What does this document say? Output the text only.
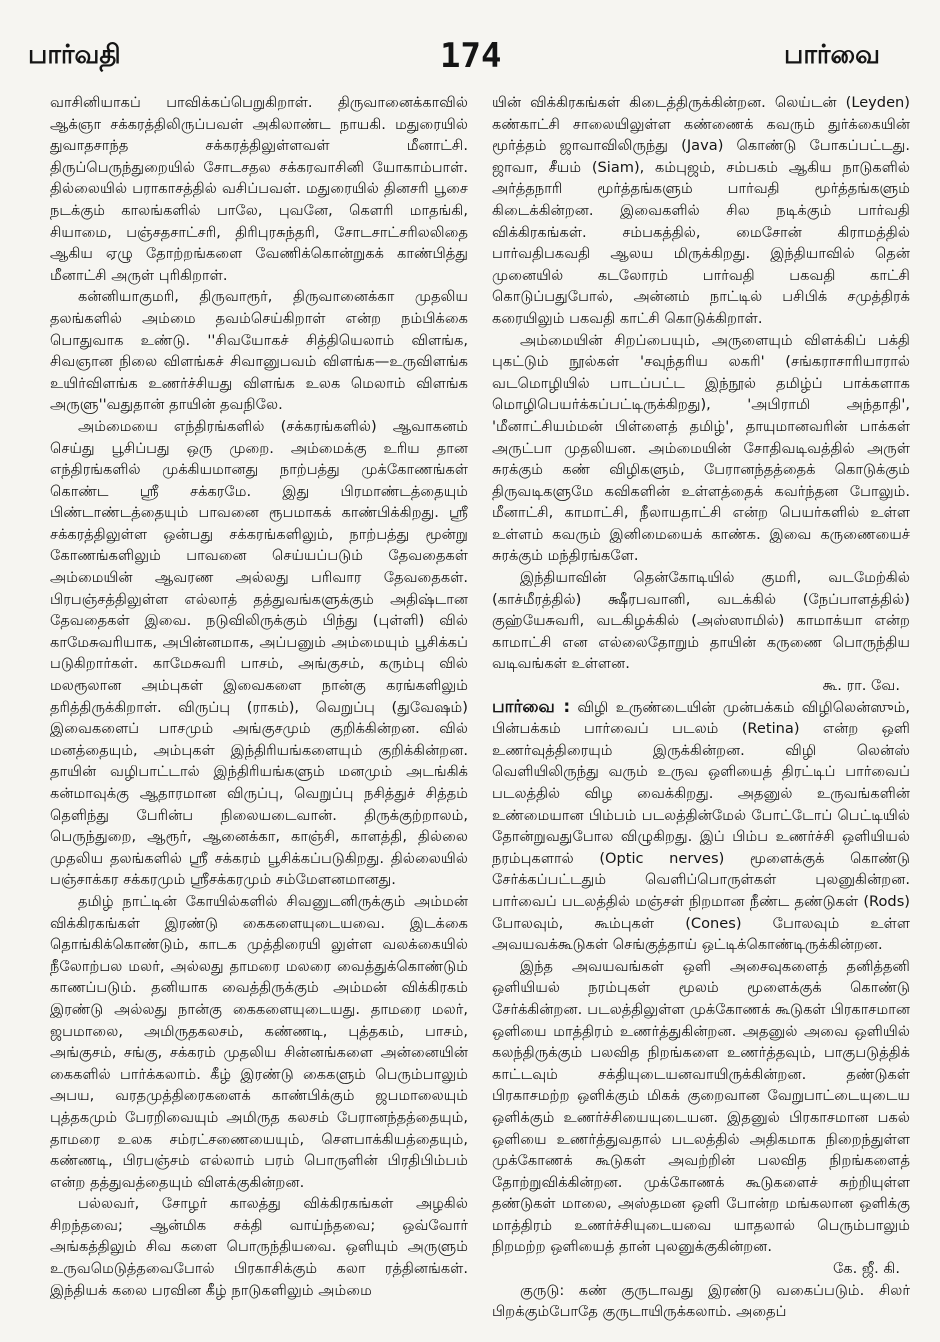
பார்வதி	174	பார்வை

வாசினியாகப் பாவிக்கப்பெறுகிறாள். திருவானைக்காவில் ஆக்ஞா சக்கரத்திலிருப்பவள் அகிலாண்ட நாயகி. மதுரையில் துவாதசாந்த சக்கரத்திலுள்ளவள் மீனாட்சி. திருப்பெருந்துறையில் சோடசதல சக்கரவாசினி யோகாம்பாள். தில்லையில் பராகாசத்தில் வசிப்பவள். மதுரையில் தினசரி பூசை நடக்கும் காலங்களில் பாலே, புவனே, கௌரி மாதங்கி, சியாமை, பஞ்சதசாட்சரி, திரிபுரசுந்தரி, சோடசாட்சரிலலிதை ஆகிய ஏழு தோற்றங்களை வேணிக்கொன்றுகக் காண்பித்து மீனாட்சி அருள் புரிகிறாள்.

கன்னியாகுமரி, திருவாரூர், திருவானைக்கா முதலிய தலங்களில் அம்மை தவம்செய்கிறாள் என்ற நம்பிக்கை பொதுவாக உண்டு. ''சிவயோகச் சித்தியெலாம் விளங்க, சிவஞான நிலை விளங்கச் சிவானுபவம் விளங்க—உருவிளங்க உயிர்விளங்க உணர்ச்சியது விளங்க உலக மெலாம் விளங்க அருளு''வதுதான் தாயின் தவநிலே.

அம்மையை எந்திரங்களில் (சக்கரங்களில்) ஆவாகனம் செய்து பூசிப்பது ஒரு முறை. அம்மைக்கு உரிய தான எந்திரங்களில் முக்கியமானது நாற்பத்து முக்கோணங்கள் கொண்ட ஸ்ரீ சக்கரமே. இது பிரமாண்டத்தையும் பிண்டாண்டத்தையும் பாவனை ரூபமாகக் காண்பிக்கிறது. ஸ்ரீ சக்கரத்திலுள்ள ஒன்பது சக்கரங்களிலும், நாற்பத்து மூன்று கோணங்களிலும் பாவனை செய்யப்படும் தேவதைகள் அம்மையின் ஆவரண அல்லது பரிவார தேவதைகள். பிரபஞ்சத்திலுள்ள எல்லாத் தத்துவங்களுக்கும் அதிஷ்டான தேவதைகள் இவை. நடுவிலிருக்கும் பிந்து (புள்ளி) வில் காமேசுவரியாக, அபின்னமாக, அப்பனும் அம்மையும் பூசிக்கப் படுகிறார்கள். காமேசுவரி பாசம், அங்குசம், கரும்பு வில் மலரூலான அம்புகள் இவைகளை நான்கு கரங்களிலும் தரித்திருக்கிறாள். விருப்பு (ராகம்), வெறுப்பு (துவேஷம்) இவைகளைப் பாசமும் அங்குசமும் குறிக்கின்றன. வில் மனத்தையும், அம்புகள் இந்திரியங்களையும் குறிக்கின்றன. தாயின் வழிபாட்டால் இந்திரியங்களும் மனமும் அடங்கிக் கன்மாவுக்கு ஆதாரமான விருப்பு, வெறுப்பு நசித்துச் சித்தம் தெளிந்து பேரின்ப நிலையடைவான். திருக்குற்றாலம், பெருந்துறை, ஆரூர், ஆனைக்கா, காஞ்சி, காளத்தி, தில்லை முதலிய தலங்களில் ஸ்ரீ சக்கரம் பூசிக்கப்படுகிறது. தில்லையில் பஞ்சாக்கர சக்கரமும் ஸ்ரீசக்கரமும் சம்மேளனமானது.

தமிழ் நாட்டின் கோயில்களில் சிவனுடனிருக்கும் அம்மன் விக்கிரகங்கள் இரண்டு கைகளையுடையவை. இடக்கை தொங்கிக்கொண்டும், காடக முத்திரையி லுள்ள வலக்கையில் நீலோற்பல மலர், அல்லது தாமரை மலரை வைத்துக்கொண்டும் காணப்படும். தனியாக வைத்திருக்கும் அம்மன் விக்கிரகம் இரண்டு அல்லது நான்கு கைகளையுடையது. தாமரை மலர், ஜபமாலை, அமிருதகலசம், கண்ணடி, புத்தகம், பாசம், அங்குசம், சங்கு, சக்கரம் முதலிய சின்னங்களை அன்னையின் கைகளில் பார்க்கலாம். கீழ் இரண்டு கைகளும் பெரும்பாலும் அபய, வரதமுத்திரைகளைக் காண்பிக்கும் ஜபமாலையும் புத்தகமும் பேரறிவையும் அமிருத கலசம் பேரானந்தத்தையும், தாமரை உலக சம்ரட்சணையையும், சௌபாக்கியத்தையும், கண்ணடி, பிரபஞ்சம் எல்லாம் பரம் பொருளின் பிரதிபிம்பம் என்ற தத்துவத்தையும் விளக்குகின்றன.

பல்லவர், சோழர் காலத்து விக்கிரகங்கள் அழகில் சிறந்தவை; ஆன்மிக சக்தி வாய்ந்தவை; ஒவ்வோர் அங்கத்திலும் சிவ களை பொருந்தியவை. ஒளியும் அருளும் உருவமெடுத்தவைபோல் பிரகாசிக்கும் கலா ரத்தினங்கள். இந்தியக் கலை பரவின கீழ் நாடுகளிலும் அம்மை

யின் விக்கிரகங்கள் கிடைத்திருக்கின்றன. லெய்டன் (Leyden) கண்காட்சி சாலையிலுள்ள கண்ணைக் கவரும் துர்க்கையின் மூர்த்தம் ஜாவாவிலிருந்து (Java) கொண்டு போகப்பட்டது. ஜாவா, சீயம் (Siam), கம்புஜம், சம்பகம் ஆகிய நாடுகளில் அர்த்தநாரி மூர்த்தங்களும் பார்வதி மூர்த்தங்களும் கிடைக்கின்றன. இவைகளில் சில நடிக்கும் பார்வதி விக்கிரகங்கள். சம்பகத்தில், மைசோன் கிராமத்தில் பார்வதிபகவதி ஆலய மிருக்கிறது. இந்தியாவில் தென் முனையில் கடலோரம் பார்வதி பகவதி காட்சி கொடுப்பதுபோல், அன்னம் நாட்டில் பசிபிக் சமுத்திரக் கரையிலும் பகவதி காட்சி கொடுக்கிறாள்.

அம்மையின் சிறப்பையும், அருளையும் விளக்கிப் பக்தி புகட்டும் நூல்கள் 'சவுந்தரிய லகரி' (சங்கராசாரியாரால் வடமொழியில் பாடப்பட்ட இந்நூல் தமிழ்ப் பாக்களாக மொழிபெயர்க்கப்பட்டிருக்கிறது), 'அபிராமி அந்தாதி', 'மீனாட்சியம்மன் பிள்ளைத் தமிழ்', தாயுமானவரின் பாக்கள் அருட்பா முதலியன. அம்மையின் சோதிவடிவத்தில் அருள் சுரக்கும் கண் விழிகளும், பேரானந்தத்தைக் கொடுக்கும் திருவடிகளுமே கவிகளின் உள்ளத்தைக் கவர்ந்தன போலும். மீனாட்சி, காமாட்சி, நீலாயதாட்சி என்ற பெயர்களில் உள்ள உள்ளம் கவரும் இனிமையைக் காண்க. இவை கருணையைச் சுரக்கும் மந்திரங்களே.

இந்தியாவின் தென்கோடியில் குமரி, வடமேற்கில் (காச்மீரத்தில்) க்ஷீரபவானி, வடக்கில் (நேப்பாளத்தில்) குஹ்யேசுவரி, வடகிழக்கில் (அஸ்ஸாமில்) காமாக்யா என்ற காமாட்சி என எல்லைதோறும் தாயின் கருணை பொருந்திய வடிவங்கள் உள்ளன.

கூ. ரா. வே.

பார்வை : விழி உருண்டையின் முன்பக்கம் விழிலென்ஸும், பின்பக்கம் பார்வைப் படலம் (Retina) என்ற ஒளி உணர்வுத்திரையும் இருக்கின்றன. விழி லென்ஸ் வெளியிலிருந்து வரும் உருவ ஒளியைத் திரட்டிப் பார்வைப் படலத்தில் விழ வைக்கிறது. அதனுல் உருவங்களின் உண்மையான பிம்பம் படலத்தின்மேல் போட்டோப் பெட்டியில் தோன்றுவதுபோல விழுகிறது. இப் பிம்ப உணர்ச்சி ஒளியியல் நரம்புகளால் (Optic nerves) மூளைக்குக் கொண்டு சேர்க்கப்பட்டதும் வெளிப்பொருள்கள் புலனுகின்றன. பார்வைப் படலத்தில் மஞ்சள் நிறமான நீண்ட தண்டுகள் (Rods) போலவும், கூம்புகள் (Cones) போலவும் உள்ள அவயவக்கூடுகள் செங்குத்தாய் ஒட்டிக்கொண்டிருக்கின்றன.

இந்த அவயவங்கள் ஒளி அசைவுகளைத் தனித்தனி ஒளியியல் நரம்புகள் மூலம் மூளைக்குக் கொண்டு சேர்க்கின்றன. படலத்திலுள்ள முக்கோணக் கூடுகள் பிரகாசமான ஒளியை மாத்திரம் உணர்த்துகின்றன. அதனுல் அவை ஒளியில் கலந்திருக்கும் பலவித நிறங்களை உணர்த்தவும், பாகுபடுத்திக் காட்டவும் சக்தியுடையனவாயிருக்கின்றன. தண்டுகள் பிரகாசமற்ற ஒளிக்கும் மிகக் குறைவான வேறுபாட்டையுடைய ஒளிக்கும் உணர்ச்சியையுடையன. இதனுல் பிரகாசமான பகல் ஒளியை உணர்த்துவதால் படலத்தில் அதிகமாக நிறைந்துள்ள முக்கோணக் கூடுகள் அவற்றின் பலவித நிறங்களைத் தோற்றுவிக்கின்றன. முக்கோணக் கூடுகளைச் சுற்றியுள்ள தண்டுகள் மாலை, அஸ்தமன ஒளி போன்ற மங்கலான ஒளிக்கு மாத்திரம் உணர்ச்சியுடையவை யாதலால் பெரும்பாலும் நிறமற்ற ஒளியைத் தான் புலனுக்குகின்றன.

கே. ஜீ. கி.

குருடு: கண் குருடாவது இரண்டு வகைப்படும். சிலர் பிறக்கும்போதே குருடாயிருக்கலாம். அதைப்
